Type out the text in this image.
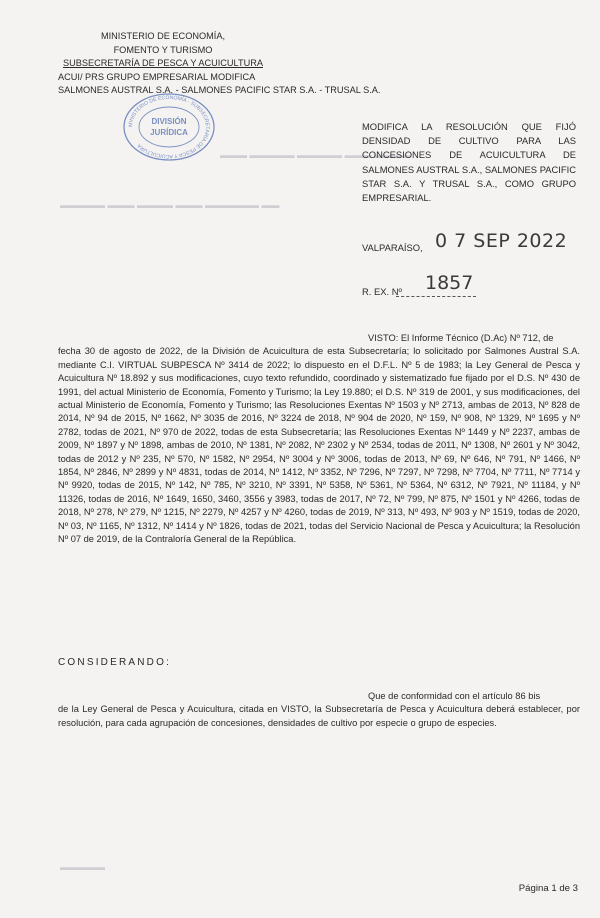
▬▬▬ ▬▬▬▬▬ ▬▬▬▬▬ ▬▬▬ ▬▬▬▬
▬▬▬▬▬ ▬▬▬ ▬▬▬▬ ▬▬▬ ▬▬▬▬▬▬ ▬▬
▬▬▬▬▬
MINISTERIO DE ECONOMÍA,
FOMENTO Y TURISMO
SUBSECRETARÍA DE PESCA Y ACUICULTURA
ACUI/ PRS GRUPO EMPRESARIAL MODIFICA
SALMONES AUSTRAL S.A. - SALMONES PACIFIC STAR S.A. - TRUSAL S.A.
MINISTERIO DE ECONOMÍA · SUBSECRETARÍA DE PESCA Y ACUICULTURA
DIVISIÓN
JURÍDICA
MODIFICA LA RESOLUCIÓN QUE FIJÓ DENSIDAD DE CULTIVO PARA LAS CONCESIONES DE ACUICULTURA DE SALMONES AUSTRAL S.A., SALMONES PACIFIC STAR S.A. Y TRUSAL S.A., COMO GRUPO EMPRESARIAL.
VALPARAÍSO, 0 7 SEP 2022
R. EX. Nº 1857
VISTO: El Informe Técnico (D.Ac) Nº 712, de
fecha 30 de agosto de 2022, de la División de Acuicultura de esta Subsecretaría; lo solicitado por Salmones Austral S.A. mediante C.I. VIRTUAL SUBPESCA Nº 3414 de 2022; lo dispuesto en el D.F.L. Nº 5 de 1983; la Ley General de Pesca y Acuicultura Nº 18.892 y sus modificaciones, cuyo texto refundido, coordinado y sistematizado fue fijado por el D.S. Nº 430 de 1991, del actual Ministerio de Economía, Fomento y Turismo; la Ley 19.880; el D.S. Nº 319 de 2001, y sus modificaciones, del actual Ministerio de Economía, Fomento y Turismo; las Resoluciones Exentas Nº 1503 y Nº 2713, ambas de 2013, Nº 828 de 2014, Nº 94 de 2015, Nº 1662, Nº 3035 de 2016, Nº 3224 de 2018, Nº 904 de 2020, Nº 159, Nº 908, Nº 1329, Nº 1695 y Nº 2782, todas de 2021, Nº 970 de 2022, todas de esta Subsecretaría; las Resoluciones Exentas Nº 1449 y Nº 2237, ambas de 2009, Nº 1897 y Nº 1898, ambas de 2010, Nº 1381, Nº 2082, Nº 2302 y Nº 2534, todas de 2011, Nº 1308, Nº 2601 y Nº 3042, todas de 2012 y Nº 235, Nº 570, Nº 1582, Nº 2954, Nº 3004 y Nº 3006, todas de 2013, Nº 69, Nº 646, Nº 791, Nº 1466, Nº 1854, Nº 2846, Nº 2899 y Nº 4831, todas de 2014, Nº 1412, Nº 3352, Nº 7296, Nº 7297, Nº 7298, Nº 7704, Nº 7711, Nº 7714 y Nº 9920, todas de 2015, Nº 142, Nº 785, Nº 3210, Nº 3391, Nº 5358, Nº 5361, Nº 5364, Nº 6312, Nº 7921, Nº 11184, y Nº 11326, todas de 2016, Nº 1649, 1650, 3460, 3556 y 3983, todas de 2017, Nº 72, Nº 799, Nº 875, Nº 1501 y Nº 4266, todas de 2018, Nº 278, Nº 279, Nº 1215, Nº 2279, Nº 4257 y Nº 4260, todas de 2019, Nº 313, Nº 493, Nº 903 y Nº 1519, todas de 2020, Nº 03, Nº 1165, Nº 1312, Nº 1414 y Nº 1826, todas de 2021, todas del Servicio Nacional de Pesca y Acuicultura; la Resolución Nº 07 de 2019, de la Contraloría General de la República.
CONSIDERANDO:
Que de conformidad con el artículo 86 bis
de la Ley General de Pesca y Acuicultura, citada en VISTO, la Subsecretaría de Pesca y Acuicultura deberá establecer, por resolución, para cada agrupación de concesiones, densidades de cultivo por especie o grupo de especies.
Página 1 de 3
